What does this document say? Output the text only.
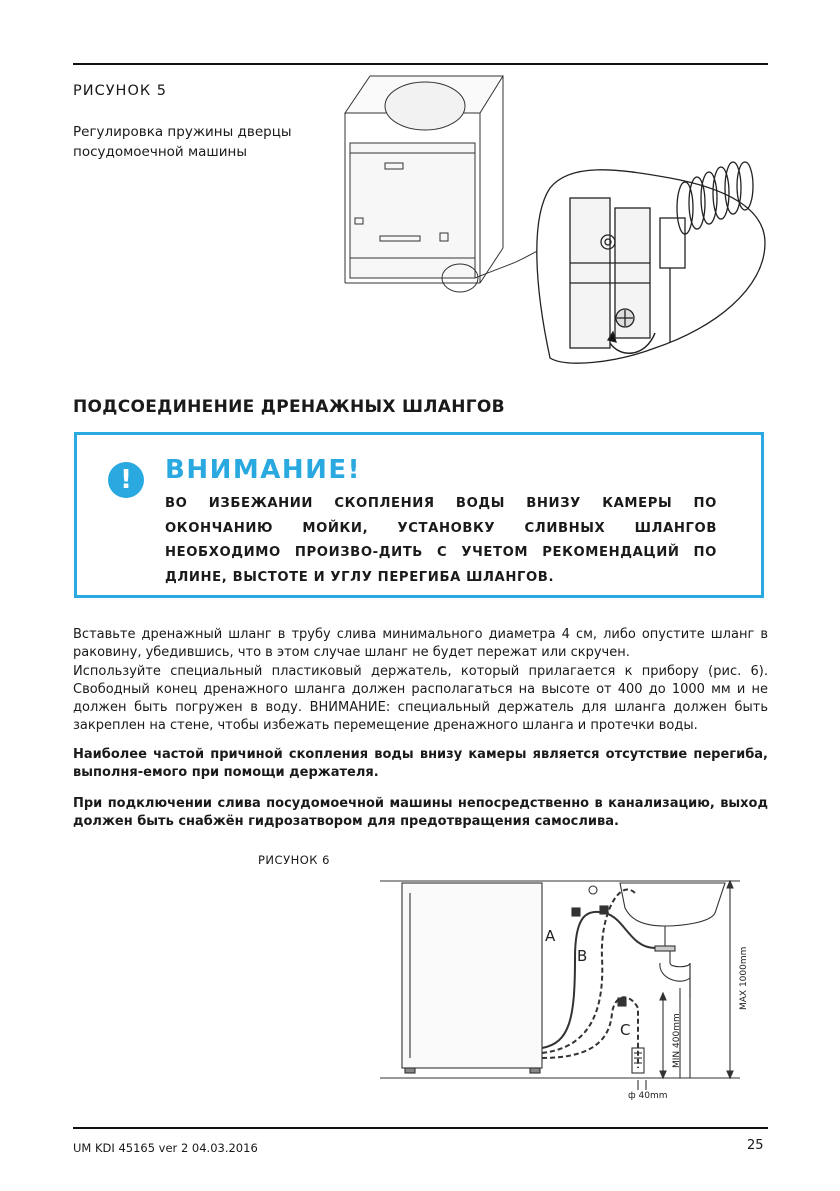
РИСУНОК 5
Регулировка пружины дверцы посудомоечной машины
ПОДСОЕДИНЕНИЕ ДРЕНАЖНЫХ ШЛАНГОВ
!	ВНИМАНИЕ!
ВО ИЗБЕЖАНИИ СКОПЛЕНИЯ ВОДЫ ВНИЗУ КАМЕРЫ ПО ОКОНЧАНИЮ МОЙКИ, УСТАНОВКУ СЛИВНЫХ ШЛАНГОВ НЕОБХОДИМО ПРОИЗВО-ДИТЬ С УЧЕТОМ РЕКОМЕНДАЦИЙ ПО ДЛИНЕ, ВЫСТОТЕ И УГЛУ ПЕРЕГИБА ШЛАНГОВ.
Вставьте дренажный шланг в трубу слива минимального диаметра 4 см, либо опустите шланг в раковину, убедившись, что в этом случае шланг не будет пережат или скручен.
Используйте специальный пластиковый держатель, который прилагается к прибору (рис. 6). Свободный конец дренажного шланга должен располагаться на высоте от 400 до 1000 мм и не должен быть погружен в воду. ВНИМАНИЕ: специальный держатель для шланга должен быть закреплен на стене, чтобы избежать перемещение дренажного шланга и протечки воды.
Наиболее частой причиной скопления воды внизу камеры является отсутствие перегиба, выполня-емого при помощи держателя.
При подключении слива посудомоечной машины непосредственно в канализацию, выход должен быть снабжён гидрозатвором для предотвращения самослива.
РИСУНОК 6
A
B
C
MAX 1000mm
MIN 400mm
ф 40mm
UM KDI 45165 ver 2 04.03.2016	25
